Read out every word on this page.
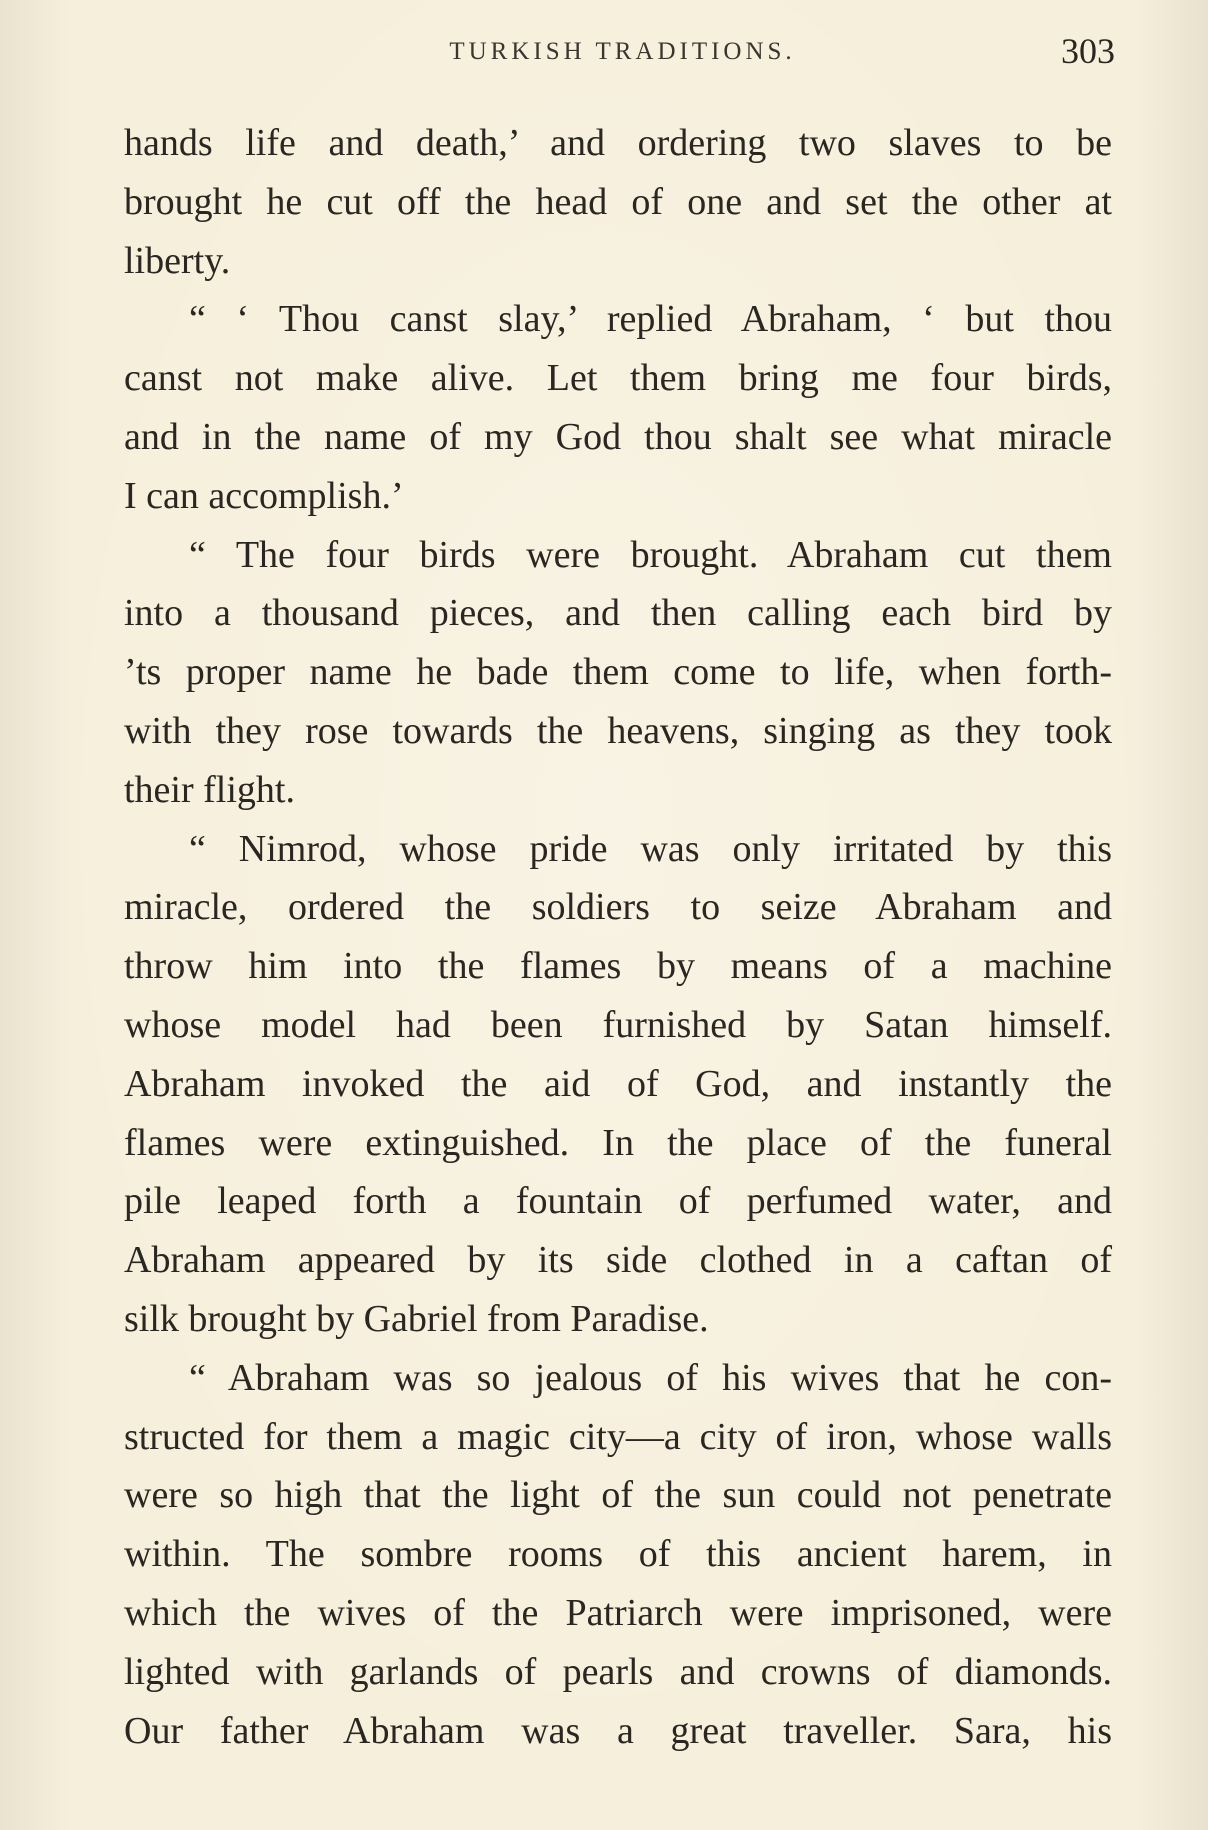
TURKISH TRADITIONS.	303
hands life and death,’ and ordering two slaves to be
brought he cut off the head of one and set the other at
liberty.
“ ‘ Thou canst slay,’ replied Abraham, ‘ but thou
canst not make alive. Let them bring me four birds,
and in the name of my God thou shalt see what miracle
I can accomplish.’
“ The four birds were brought. Abraham cut them
into a thousand pieces, and then calling each bird by
’ts proper name he bade them come to life, when forth-
with they rose towards the heavens, singing as they took
their flight.
“ Nimrod, whose pride was only irritated by this
miracle, ordered the soldiers to seize Abraham and
throw him into the flames by means of a machine
whose model had been furnished by Satan himself.
Abraham invoked the aid of God, and instantly the
flames were extinguished. In the place of the funeral
pile leaped forth a fountain of perfumed water, and
Abraham appeared by its side clothed in a caftan of
silk brought by Gabriel from Paradise.
“ Abraham was so jealous of his wives that he con-
structed for them a magic city—a city of iron, whose walls
were so high that the light of the sun could not penetrate
within. The sombre rooms of this ancient harem, in
which the wives of the Patriarch were imprisoned, were
lighted with garlands of pearls and crowns of diamonds.
Our father Abraham was a great traveller. Sara, his
